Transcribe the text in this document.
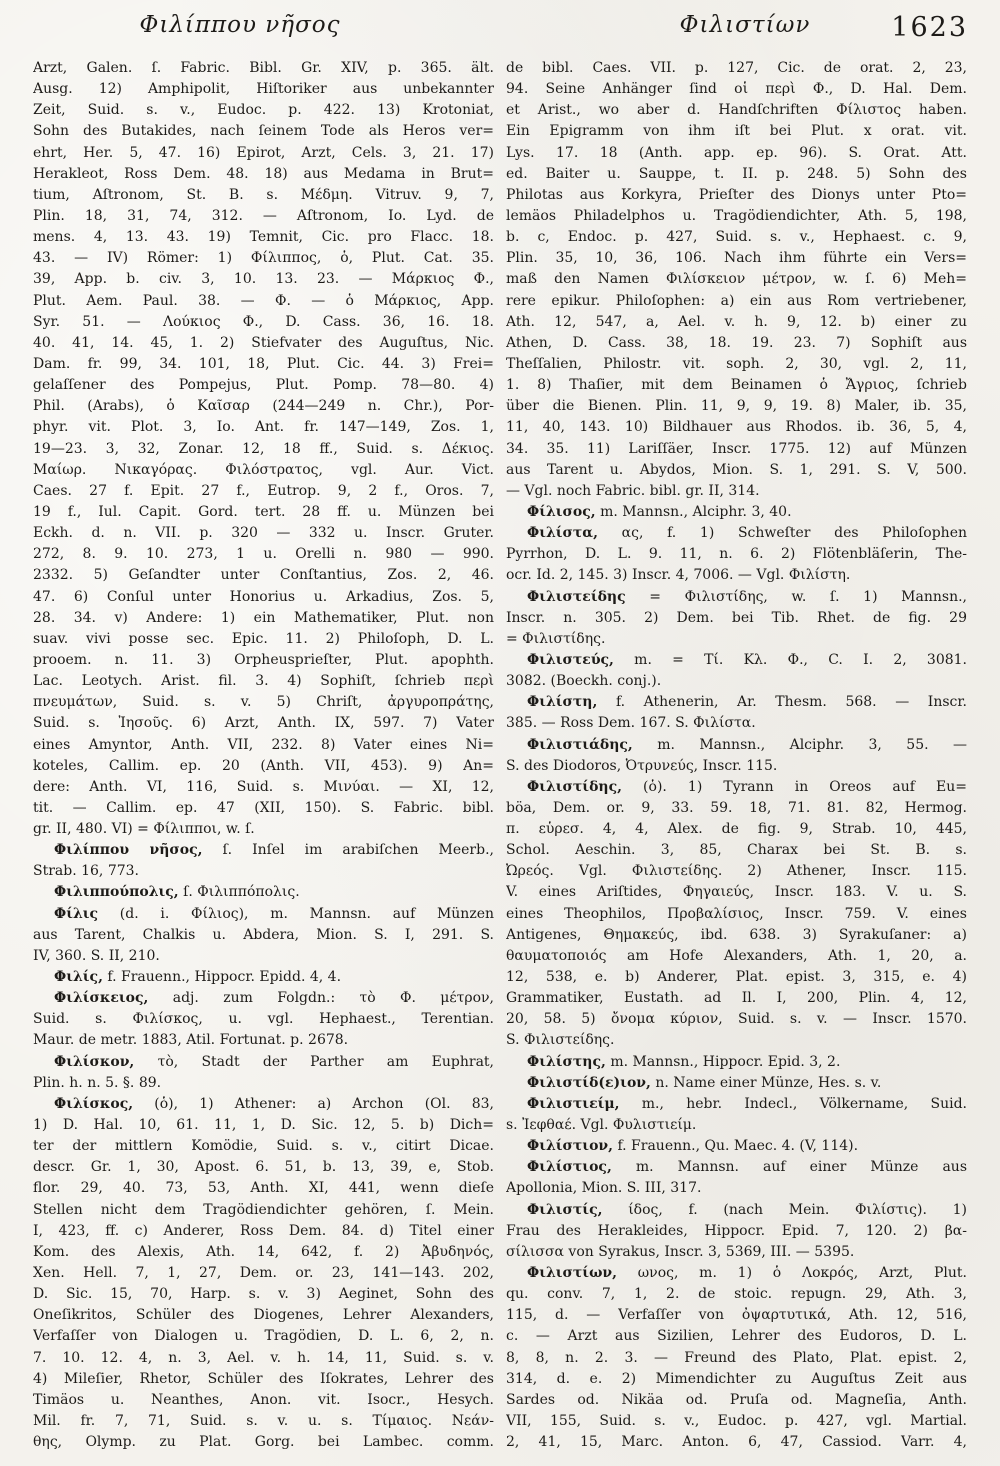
Φιλίππου νῆσος	Φιλιστίων	1623
Arzt, Galen. ſ. Fabric. Bibl. Gr. XIV, p. 365. ält.
Ausg. 12) Amphipolit, Hiſtoriker aus unbekannter
Zeit, Suid. s. v., Eudoc. p. 422. 13) Krotoniat,
Sohn des Butakides, nach ſeinem Tode als Heros ver=
ehrt, Her. 5, 47. 16) Epirot, Arzt, Cels. 3, 21. 17)
Herakleot, Ross Dem. 48. 18) aus Medama in Brut=
tium, Aſtronom, St. B. s. Μέδμη. Vitruv. 9, 7,
Plin. 18, 31, 74, 312. — Aſtronom, Io. Lyd. de
mens. 4, 13. 43. 19) Temnit, Cic. pro Flacc. 18.
43. — IV) Römer: 1) Φίλιππος, ὁ, Plut. Cat. 35.
39, App. b. civ. 3, 10. 13. 23. — Μάρκιος Φ.,
Plut. Aem. Paul. 38. — Φ. — ὁ Μάρκιος, App.
Syr. 51. — Λούκιος Φ., D. Cass. 36, 16. 18.
40. 41, 14. 45, 1. 2) Stiefvater des Auguſtus, Nic.
Dam. fr. 99, 34. 101, 18, Plut. Cic. 44. 3) Frei=
gelaſſener des Pompejus, Plut. Pomp. 78—80. 4)
Phil. (Arabs), ὁ Καῖσαρ (244—249 n. Chr.), Por-
phyr. vit. Plot. 3, Io. Ant. fr. 147—149, Zos. 1,
19—23. 3, 32, Zonar. 12, 18 ff., Suid. s. Δέκιος.
Μαίωρ. Νικαγόρας. Φιλόστρατος, vgl. Aur. Vict.
Caes. 27 f. Epit. 27 f., Eutrop. 9, 2 f., Oros. 7,
19 f., Iul. Capit. Gord. tert. 28 ff. u. Münzen bei
Eckh. d. n. VII. p. 320 — 332 u. Inscr. Gruter.
272, 8. 9. 10. 273, 1 u. Orelli n. 980 — 990.
2332. 5) Geſandter unter Conſtantius, Zos. 2, 46.
47. 6) Conſul unter Honorius u. Arkadius, Zos. 5,
28. 34. v) Andere: 1) ein Mathematiker, Plut. non
suav. vivi posse sec. Epic. 11. 2) Philoſoph, D. L.
prooem. n. 11. 3) Orpheusprieſter, Plut. apophth.
Lac. Leotych. Arist. fil. 3. 4) Sophiſt, ſchrieb περὶ
πνευμάτων, Suid. s. v. 5) Chriſt, ἀργυροπράτης,
Suid. s. Ἰησοῦς. 6) Arzt, Anth. IX, 597. 7) Vater
eines Amyntor, Anth. VII, 232. 8) Vater eines Ni=
koteles, Callim. ep. 20 (Anth. VII, 453). 9) An=
dere: Anth. VI, 116, Suid. s. Μινύαι. — XI, 12,
tit. — Callim. ep. 47 (XII, 150). S. Fabric. bibl.
gr. II, 480. VI) = Φίλιπποι, w. ſ.
Φιλίππου νῆσος, ſ. Inſel im arabiſchen Meerb.,
Strab. 16, 773.
Φιλιππούπολις, ſ. Φιλιππόπολις.
Φίλις (d. i. Φίλιος), m. Mannsn. auf Münzen
aus Tarent, Chalkis u. Abdera, Mion. S. I, 291. S.
IV, 360. S. II, 210.
Φιλίς, f. Frauenn., Hippocr. Epidd. 4, 4.
Φιλίσκειος, adj. zum Folgdn.: τὸ Φ. μέτρον,
Suid. s. Φιλίσκος, u. vgl. Hephaest., Terentian.
Maur. de metr. 1883, Atil. Fortunat. p. 2678.
Φιλίσκον, τὸ, Stadt der Parther am Euphrat,
Plin. h. n. 5. §. 89.
Φιλίσκος, (ὁ), 1) Athener: a) Archon (Ol. 83,
1) D. Hal. 10, 61. 11, 1, D. Sic. 12, 5. b) Dich=
ter der mittlern Komödie, Suid. s. v., citirt Dicae.
descr. Gr. 1, 30, Apost. 6. 51, b. 13, 39, e, Stob.
flor. 29, 40. 73, 53, Anth. XI, 441, wenn dieſe
Stellen nicht dem Tragödiendichter gehören, ſ. Mein.
I, 423, ff. c) Anderer, Ross Dem. 84. d) Titel einer
Kom. des Alexis, Ath. 14, 642, f. 2) Ἀβυδηνός,
Xen. Hell. 7, 1, 27, Dem. or. 23, 141—143. 202,
D. Sic. 15, 70, Harp. s. v. 3) Aeginet, Sohn des
Oneſikritos, Schüler des Diogenes, Lehrer Alexanders,
Verfaſſer von Dialogen u. Tragödien, D. L. 6, 2, n.
7. 10. 12. 4, n. 3, Ael. v. h. 14, 11, Suid. s. v.
4) Mileſier, Rhetor, Schüler des Iſokrates, Lehrer des
Timäos u. Neanthes, Anon. vit. Isocr., Hesych.
Mil. fr. 7, 71, Suid. s. v. u. s. Τίμαιος. Νεάν-
θης, Olymp. zu Plat. Gorg. bei Lambec. comm.
de bibl. Caes. VII. p. 127, Cic. de orat. 2, 23,
94. Seine Anhänger ſind οἱ περὶ Φ., D. Hal. Dem.
et Arist., wo aber d. Handſchriften Φίλιστος haben.
Ein Epigramm von ihm iſt bei Plut. x orat. vit.
Lys. 17. 18 (Anth. app. ep. 96). S. Orat. Att.
ed. Baiter u. Sauppe, t. II. p. 248. 5) Sohn des
Philotas aus Korkyra, Prieſter des Dionys unter Pto=
lemäos Philadelphos u. Tragödiendichter, Ath. 5, 198,
b. c, Endoc. p. 427, Suid. s. v., Hephaest. c. 9,
Plin. 35, 10, 36, 106. Nach ihm führte ein Vers=
maß den Namen Φιλίσκειον μέτρον, w. ſ. 6) Meh=
rere epikur. Philoſophen: a) ein aus Rom vertriebener,
Ath. 12, 547, a, Ael. v. h. 9, 12. b) einer zu
Athen, D. Cass. 38, 18. 19. 23. 7) Sophiſt aus
Theſſalien, Philostr. vit. soph. 2, 30, vgl. 2, 11,
1. 8) Thaſier, mit dem Beinamen ὁ Ἄγριος, ſchrieb
über die Bienen. Plin. 11, 9, 9, 19. 8) Maler, ib. 35,
11, 40, 143. 10) Bildhauer aus Rhodos. ib. 36, 5, 4,
34. 35. 11) Lariſſäer, Inscr. 1775. 12) auf Münzen
aus Tarent u. Abydos, Mion. S. 1, 291. S. V, 500.
— Vgl. noch Fabric. bibl. gr. II, 314.
Φίλισος, m. Mannsn., Alciphr. 3, 40.
Φιλίστα, ας, f. 1) Schweſter des Philoſophen
Pyrrhon, D. L. 9. 11, n. 6. 2) Flötenbläſerin, The-
ocr. Id. 2, 145. 3) Inscr. 4, 7006. — Vgl. Φιλίστη.
Φιλιστείδης = Φιλιστίδης, w. ſ. 1) Mannsn.,
Inscr. n. 305. 2) Dem. bei Tib. Rhet. de fig. 29
= Φιλιστίδης.
Φιλιστεύς, m. = Τί. Κλ. Φ., C. I. 2, 3081.
3082. (Boeckh. conj.).
Φιλίστη, f. Athenerin, Ar. Thesm. 568. — Inscr.
385. — Ross Dem. 167. S. Φιλίστα.
Φιλιστιάδης, m. Mannsn., Alciphr. 3, 55. —
S. des Diodoros, Ὀτρυνεύς, Inscr. 115.
Φιλιστίδης, (ὁ). 1) Tyrann in Oreos auf Eu=
böa, Dem. or. 9, 33. 59. 18, 71. 81. 82, Hermog.
π. εὑρεσ. 4, 4, Alex. de fig. 9, Strab. 10, 445,
Schol. Aeschin. 3, 85, Charax bei St. B. s.
Ὠρεός. Vgl. Φιλιστείδης. 2) Athener, Inscr. 115.
V. eines Ariſtides, Φηγαιεύς, Inscr. 183. V. u. S.
eines Theophilos, Προβαλίσιος, Inscr. 759. V. eines
Antigenes, Θημακεύς, ibd. 638. 3) Syrakuſaner: a)
θαυματοποιός am Hofe Alexanders, Ath. 1, 20, a.
12, 538, e. b) Anderer, Plat. epist. 3, 315, e. 4)
Grammatiker, Eustath. ad Il. I, 200, Plin. 4, 12,
20, 58. 5) ὄνομα κύριον, Suid. s. v. — Inscr. 1570.
S. Φιλιστείδης.
Φιλίστης, m. Mannsn., Hippocr. Epid. 3, 2.
Φιλιστίδ(ε)ιον, n. Name einer Münze, Hes. s. v.
Φιλιστιείμ, m., hebr. Indecl., Völkername, Suid.
s. Ἰεφθαέ. Vgl. Φυλιστιείμ.
Φιλίστιον, f. Frauenn., Qu. Maec. 4. (V, 114).
Φιλίστιος, m. Mannsn. auf einer Münze aus
Apollonia, Mion. S. III, 317.
Φιλιστίς, ίδος, f. (nach Mein. Φιλίστις). 1)
Frau des Herakleides, Hippocr. Epid. 7, 120. 2) βα-
σίλισσα von Syrakus, Inscr. 3, 5369, III. — 5395.
Φιλιστίων, ωνος, m. 1) ὁ Λοκρός, Arzt, Plut.
qu. conv. 7, 1, 2. de stoic. repugn. 29, Ath. 3,
115, d. — Verfaſſer von ὀψαρτυτικά, Ath. 12, 516,
c. — Arzt aus Sizilien, Lehrer des Eudoros, D. L.
8, 8, n. 2. 3. — Freund des Plato, Plat. epist. 2,
314, d. e. 2) Mimendichter zu Auguſtus Zeit aus
Sardes od. Nikäa od. Pruſa od. Magneſia, Anth.
VII, 155, Suid. s. v., Eudoc. p. 427, vgl. Martial.
2, 41, 15, Marc. Anton. 6, 47, Cassiod. Varr. 4,
